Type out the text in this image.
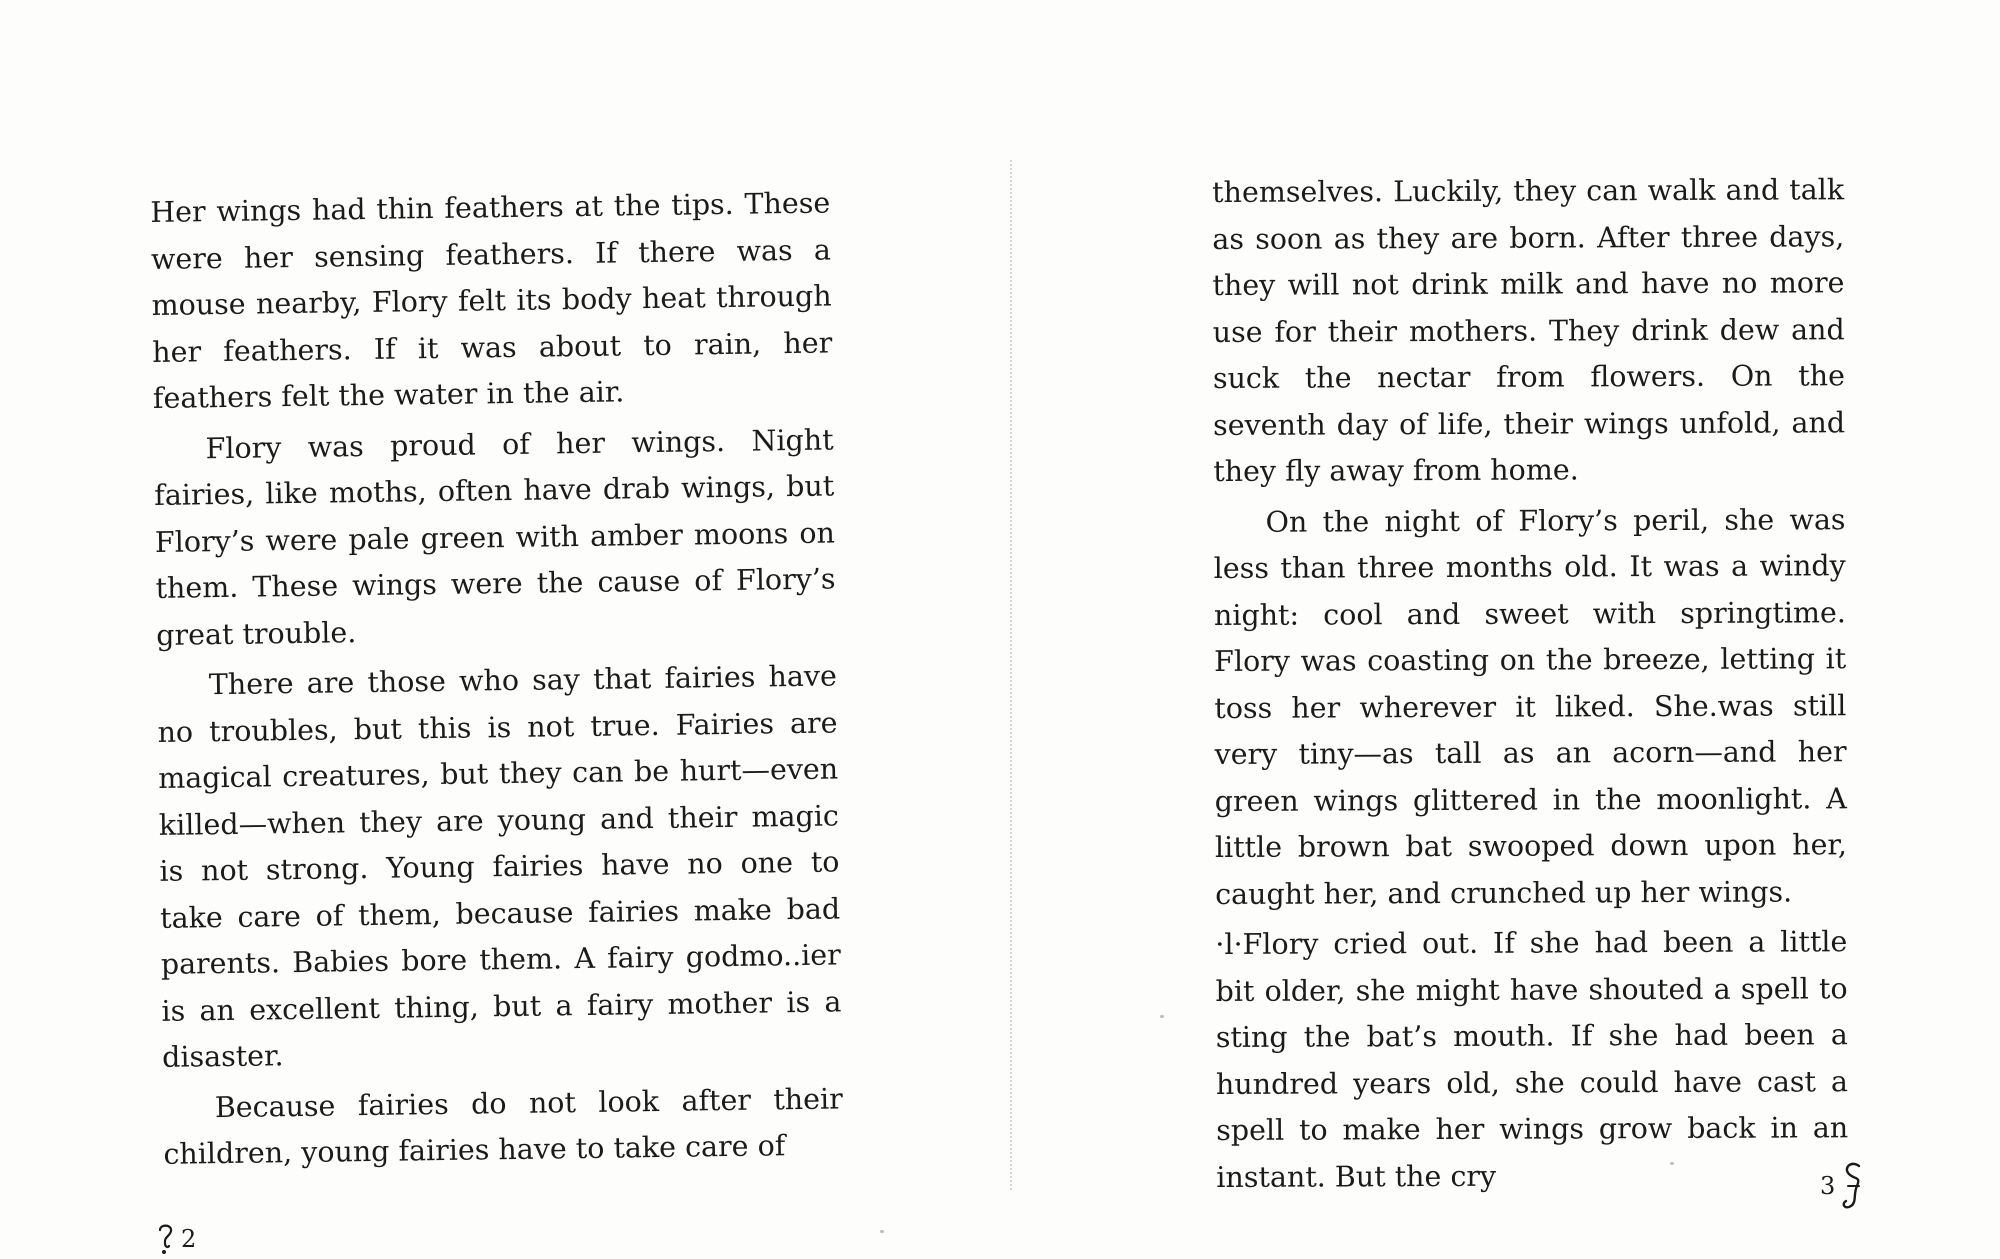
Her wings had thin feathers at the tips. These were her sensing feathers. If there was a mouse nearby, Flory felt its body heat through her feathers. If it was about to rain, her feathers felt the water in the air.

Flory was proud of her wings. Night fairies, like moths, often have drab wings, but Flory’s were pale green with amber moons on them. These wings were the cause of Flory’s great trouble.

There are those who say that fairies have no troubles, but this is not true. Fairies are magical creatures, but they can be hurt—even killed—when they are young and their magic is not strong. Young fairies have no one to take care of them, because fairies make bad parents. Babies bore them. A fairy godmo..ier is an excellent thing, but a fairy mother is a disaster.

Because fairies do not look after their children, young fairies have to take care of

2

themselves. Luckily, they can walk and talk as soon as they are born. After three days, they will not drink milk and have no more use for their mothers. They drink dew and suck the nectar from flowers. On the seventh day of life, their wings unfold, and they fly away from home.

On the night of Flory’s peril, she was less than three months old. It was a windy night: cool and sweet with springtime. Flory was coasting on the breeze, letting it toss her wherever it liked. She.was still very tiny—as tall as an acorn—and her green wings glittered in the moonlight. A little brown bat swooped down upon her, caught her, and crunched up her wings.

·l·Flory cried out. If she had been a little bit older, she might have shouted a spell to sting the bat’s mouth. If she had been a hundred years old, she could have cast a spell to make her wings grow back in an instant. But the cry	3
